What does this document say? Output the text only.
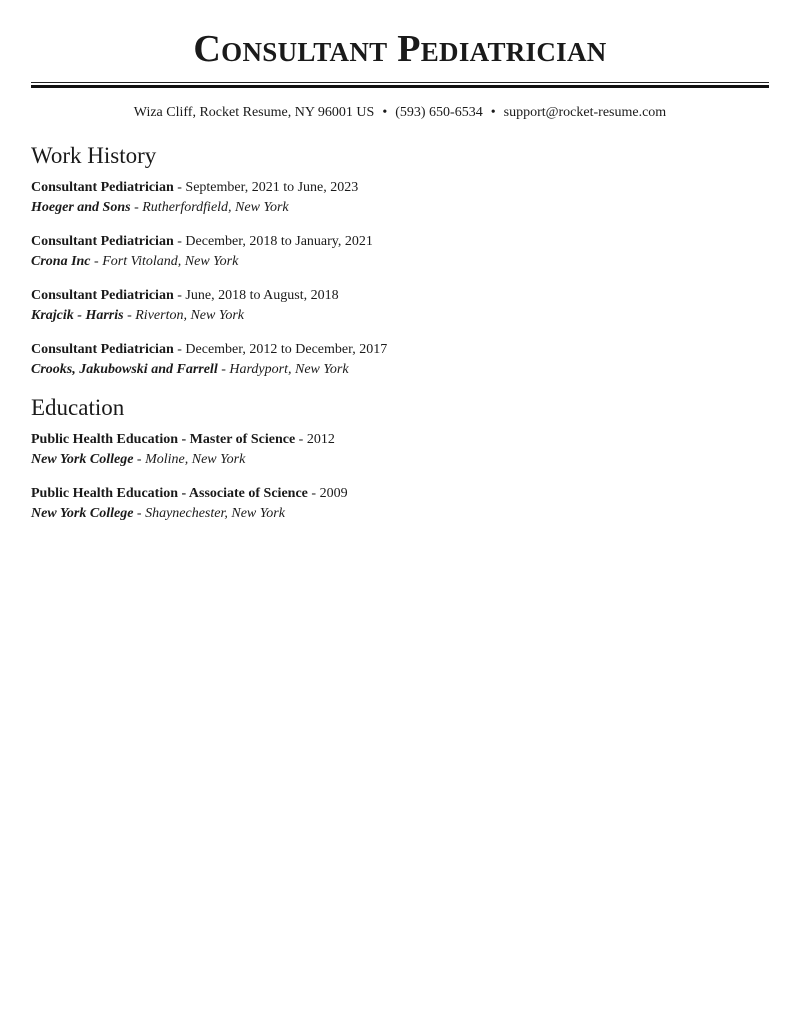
Consultant Pediatrician
Wiza Cliff, Rocket Resume, NY 96001 US • (593) 650-6534 • support@rocket-resume.com
Work History
Consultant Pediatrician - September, 2021 to June, 2023
Hoeger and Sons - Rutherfordfield, New York
Consultant Pediatrician - December, 2018 to January, 2021
Crona Inc - Fort Vitoland, New York
Consultant Pediatrician - June, 2018 to August, 2018
Krajcik - Harris - Riverton, New York
Consultant Pediatrician - December, 2012 to December, 2017
Crooks, Jakubowski and Farrell - Hardyport, New York
Education
Public Health Education - Master of Science - 2012
New York College - Moline, New York
Public Health Education - Associate of Science - 2009
New York College - Shaynechester, New York
